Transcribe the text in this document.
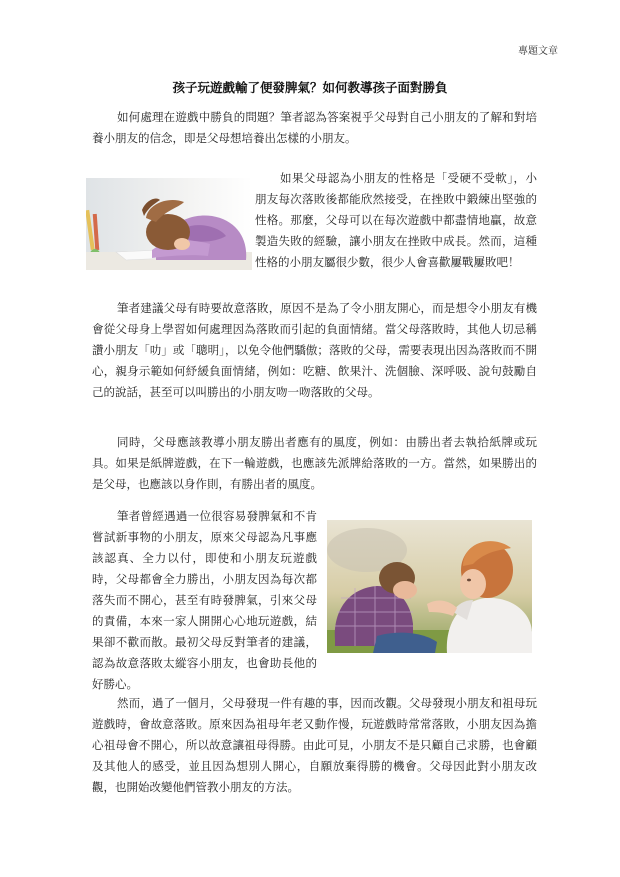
專題文章
孩子玩遊戲輸了便發脾氣？如何教導孩子面對勝負

如何處理在遊戲中勝負的問題？筆者認為答案視乎父母對自己小朋友的了解和對培養小朋友的信念，即是父母想培養出怎樣的小朋友。

如果父母認為小朋友的性格是「受硬不受軟」，小朋友每次落敗後都能欣然接受，在挫敗中鍛練出堅強的性格。那麼，父母可以在每次遊戲中都盡情地贏，故意製造失敗的經驗，讓小朋友在挫敗中成長。然而，這種性格的小朋友屬很少數，很少人會喜歡屢戰屢敗吧！

筆者建議父母有時要故意落敗，原因不是為了令小朋友開心，而是想令小朋友有機會從父母身上學習如何處理因為落敗而引起的負面情緒。當父母落敗時，其他人切忌稱讚小朋友「叻」或「聰明」，以免令他們驕傲；落敗的父母，需要表現出因為落敗而不開心，親身示範如何紓緩負面情緒，例如：吃糖、飲果汁、洗個臉、深呼吸、說句鼓勵自己的說話，甚至可以叫勝出的小朋友吻一吻落敗的父母。

同時，父母應該教導小朋友勝出者應有的風度，例如：由勝出者去執拾紙牌或玩具。如果是紙牌遊戲，在下一輪遊戲，也應該先派牌給落敗的一方。當然，如果勝出的是父母，也應該以身作則，有勝出者的風度。

筆者曾經遇過一位很容易發脾氣和不肯嘗試新事物的小朋友，原來父母認為凡事應該認真、全力以付，即使和小朋友玩遊戲時，父母都會全力勝出，小朋友因為每次都落失而不開心，甚至有時發脾氣，引來父母的責備，本來一家人開開心心地玩遊戲，結果卻不歡而散。最初父母反對筆者的建議，認為故意落敗太縱容小朋友，也會助長他的好勝心。

然而，過了一個月，父母發現一件有趣的事，因而改觀。父母發現小朋友和祖母玩遊戲時，會故意落敗。原來因為祖母年老又動作慢，玩遊戲時常常落敗，小朋友因為擔心祖母會不開心，所以故意讓祖母得勝。由此可見，小朋友不是只顧自己求勝，也會顧及其他人的感受，並且因為想別人開心，自願放棄得勝的機會。父母因此對小朋友改觀，也開始改變他們管教小朋友的方法。
